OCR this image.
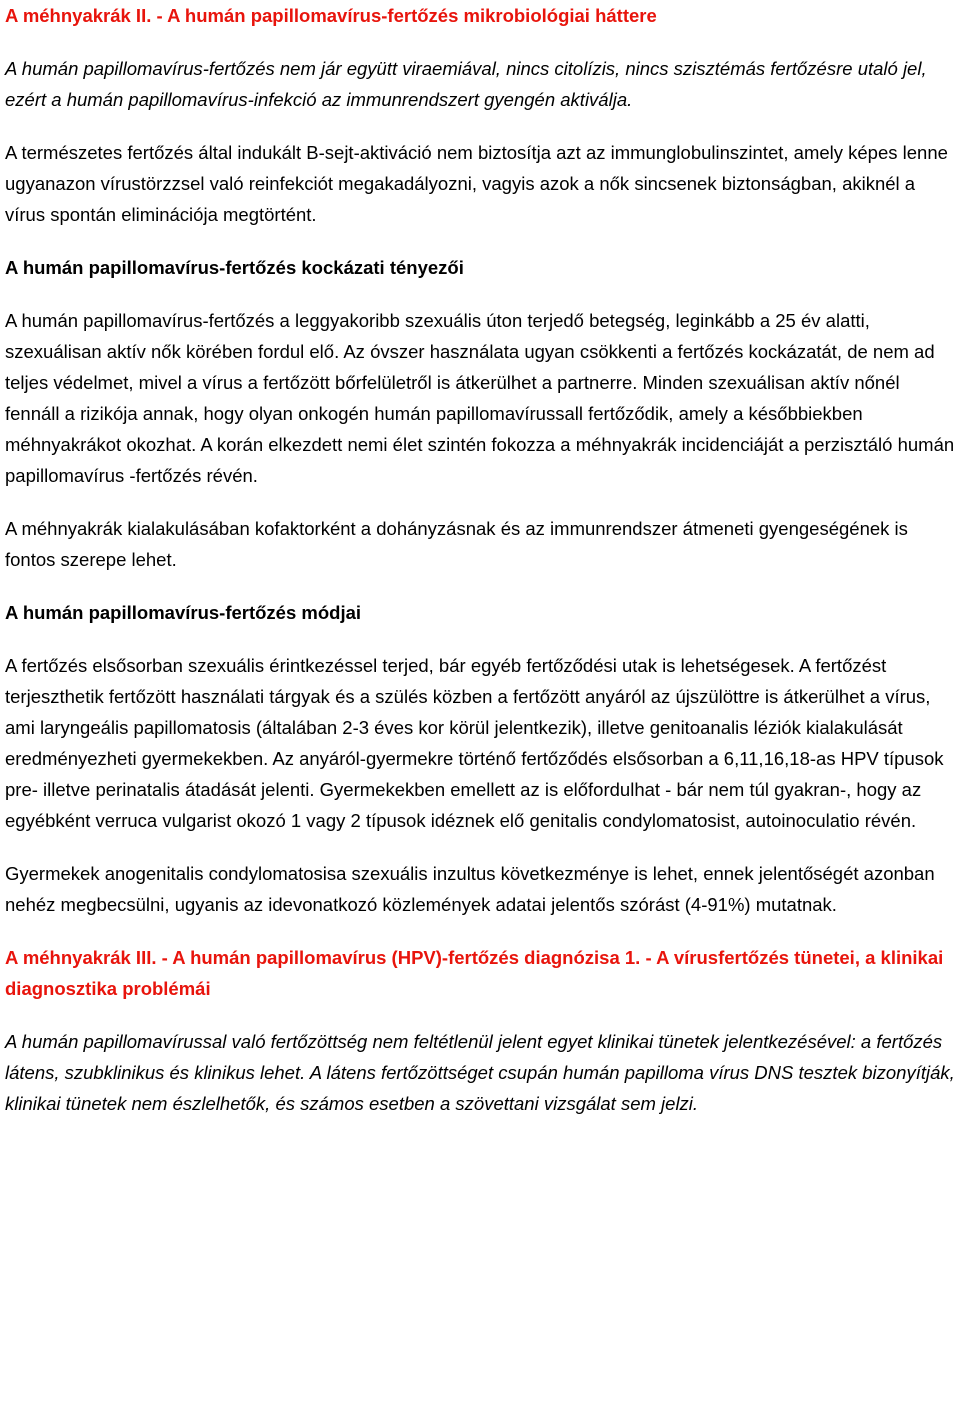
A méhnyakrák II. - A humán papillomavírus-fertőzés mikrobiológiai háttere

A humán papillomavírus-fertőzés nem jár együtt viraemiával, nincs citolízis, nincs szisztémás fertőzésre utaló jel, ezért a humán papillomavírus-infekció az immunrendszert gyengén aktiválja.

A természetes fertőzés által indukált B-sejt-aktiváció nem biztosítja azt az immunglobulinszintet, amely képes lenne ugyanazon vírustörzzsel való reinfekciót megakadályozni, vagyis azok a nők sincsenek biztonságban, akiknél a vírus spontán eliminációja megtörtént.

A humán papillomavírus-fertőzés kockázati tényezői

A humán papillomavírus-fertőzés a leggyakoribb szexuális úton terjedő betegség, leginkább a 25 év alatti, szexuálisan aktív nők körében fordul elő. Az óvszer használata ugyan csökkenti a fertőzés kockázatát, de nem ad teljes védelmet, mivel a vírus a fertőzött bőrfelületről is átkerülhet a partnerre. Minden szexuálisan aktív nőnél fennáll a rizikója annak, hogy olyan onkogén humán papillomavírussall fertőződik, amely a későbbiekben méhnyakrákot okozhat. A korán elkezdett nemi élet szintén fokozza a méhnyakrák incidenciáját a perzisztáló humán papillomavírus -fertőzés révén.

A méhnyakrák kialakulásában kofaktorként a dohányzásnak és az immunrendszer átmeneti gyengeségének is fontos szerepe lehet.

A humán papillomavírus-fertőzés módjai

A fertőzés elsősorban szexuális érintkezéssel terjed, bár egyéb fertőződési utak is lehetségesek. A fertőzést terjeszthetik fertőzött használati tárgyak és a szülés közben a fertőzött anyáról az újszülöttre is átkerülhet a vírus, ami laryngeális papillomatosis (általában 2-3 éves kor körül jelentkezik), illetve genitoanalis léziók kialakulását eredményezheti gyermekekben. Az anyáról-gyermekre történő fertőződés elsősorban a 6,11,16,18-as HPV típusok pre- illetve perinatalis átadását jelenti. Gyermekekben emellett az is előfordulhat - bár nem túl gyakran-, hogy az egyébként verruca vulgarist okozó 1 vagy 2 típusok idéznek elő genitalis condylomatosist, autoinoculatio révén.

Gyermekek anogenitalis condylomatosisa szexuális inzultus következménye is lehet, ennek jelentőségét azonban nehéz megbecsülni, ugyanis az idevonatkozó közlemények adatai jelentős szórást (4-91%) mutatnak.

A méhnyakrák III. - A humán papillomavírus (HPV)-fertőzés diagnózisa 1. - A vírusfertőzés tünetei, a klinikai diagnosztika problémái

A humán papillomavírussal való fertőzöttség nem feltétlenül jelent egyet klinikai tünetek jelentkezésével: a fertőzés látens, szubklinikus és klinikus lehet. A látens fertőzöttséget csupán humán papilloma vírus DNS tesztek bizonyítják, klinikai tünetek nem észlelhetők, és számos esetben a szövettani vizsgálat sem jelzi.
